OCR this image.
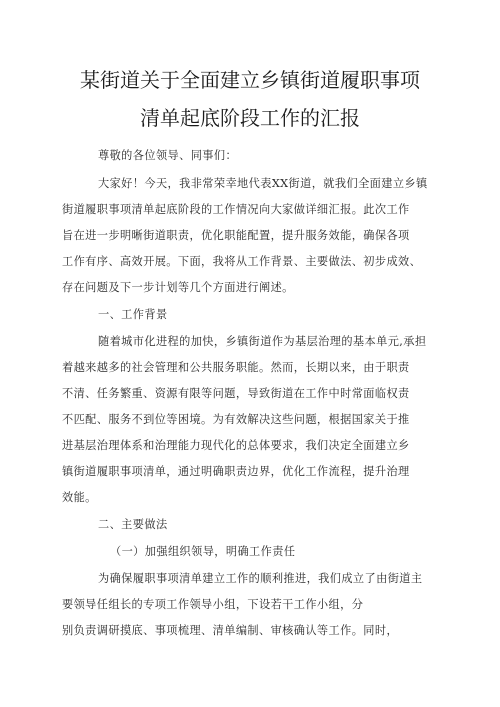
某街道关于全面建立乡镇街道履职事项
清单起底阶段工作的汇报
尊敬的各位领导、同事们：
大家好！今天，我非常荣幸地代表XX街道，就我们全面建立乡镇
街道履职事项清单起底阶段的工作情况向大家做详细汇报。此次工作
旨在进一步明晰街道职责，优化职能配置，提升服务效能，确保各项
工作有序、高效开展。下面，我将从工作背景、主要做法、初步成效、
存在问题及下一步计划等几个方面进行阐述。
一、工作背景
随着城市化进程的加快，乡镇街道作为基层治理的基本单元,承担
着越来越多的社会管理和公共服务职能。然而，长期以来，由于职责
不清、任务繁重、资源有限等问题，导致街道在工作中时常面临权责
不匹配、服务不到位等困境。为有效解决这些问题，根据国家关于推
进基层治理体系和治理能力现代化的总体要求，我们决定全面建立乡
镇街道履职事项清单，通过明确职责边界，优化工作流程，提升治理
效能。
二、主要做法
（一）加强组织领导，明确工作责任
为确保履职事项清单建立工作的顺利推进，我们成立了由街道主
要领导任组长的专项工作领导小组，下设若干工作小组，分
别负责调研摸底、事项梳理、清单编制、审核确认等工作。同时，
